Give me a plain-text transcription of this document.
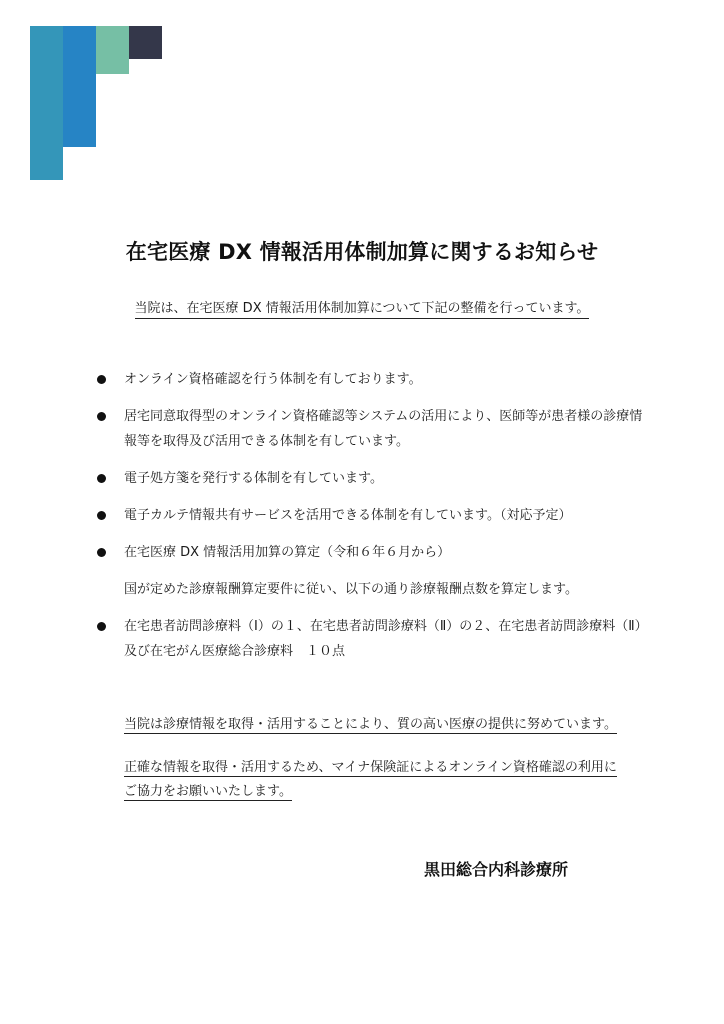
在宅医療 DX 情報活用体制加算に関するお知らせ
当院は、在宅医療 DX 情報活用体制加算について下記の整備を行っています。
オンライン資格確認を行う体制を有しております。
居宅同意取得型のオンライン資格確認等システムの活用により、医師等が患者様の診療情報等を取得及び活用できる体制を有しています。
電子処方箋を発行する体制を有しています。
電子カルテ情報共有サービスを活用できる体制を有しています。（対応予定）
在宅医療 DX 情報活用加算の算定（令和６年６月から）
国が定めた診療報酬算定要件に従い、以下の通り診療報酬点数を算定します。
在宅患者訪問診療料（Ⅰ）の１、在宅患者訪問診療料（Ⅱ）の２、在宅患者訪問診療料（Ⅱ）及び在宅がん医療総合診療料　１０点
当院は診療情報を取得・活用することにより、質の高い医療の提供に努めています。
正確な情報を取得・活用するため、マイナ保険証によるオンライン資格確認の利用にご協力をお願いいたします。
黒田総合内科診療所
